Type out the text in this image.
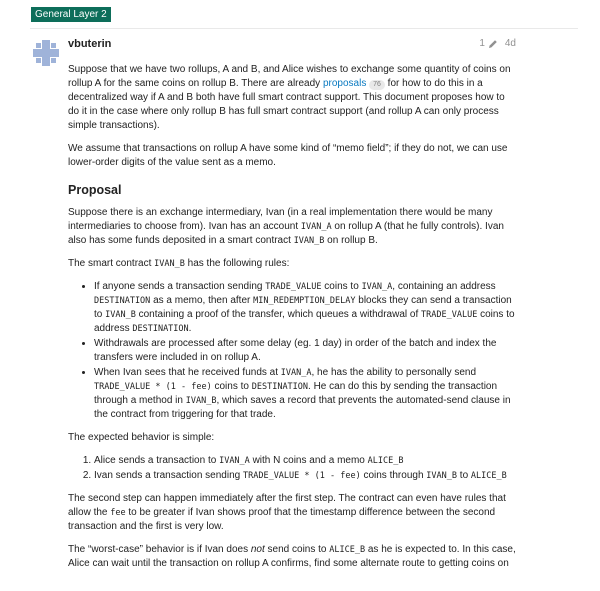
General Layer 2
vbuterin	1 4d

Suppose that we have two rollups, A and B, and Alice wishes to exchange some quantity of coins on rollup A for the same coins on rollup B. There are already proposals 76 for how to do this in a decentralized way if A and B both have full smart contract support. This document proposes how to do it in the case where only rollup B has full smart contract support (and rollup A can only process simple transactions).

We assume that transactions on rollup A have some kind of “memo field”; if they do not, we can use lower-order digits of the value sent as a memo.

Proposal

Suppose there is an exchange intermediary, Ivan (in a real implementation there would be many intermediaries to choose from). Ivan has an account IVAN_A on rollup A (that he fully controls). Ivan also has some funds deposited in a smart contract IVAN_B on rollup B.

The smart contract IVAN_B has the following rules:

• If anyone sends a transaction sending TRADE_VALUE coins to IVAN_A, containing an address DESTINATION as a memo, then after MIN_REDEMPTION_DELAY blocks they can send a transaction to IVAN_B containing a proof of the transfer, which queues a withdrawal of TRADE_VALUE coins to address DESTINATION.
• Withdrawals are processed after some delay (eg. 1 day) in order of the batch and index the transfers were included in on rollup A.
• When Ivan sees that he received funds at IVAN_A, he has the ability to personally send TRADE_VALUE * (1 - fee) coins to DESTINATION. He can do this by sending the transaction through a method in IVAN_B, which saves a record that prevents the automated-send clause in the contract from triggering for that trade.

The expected behavior is simple:

1. Alice sends a transaction to IVAN_A with N coins and a memo ALICE_B
2. Ivan sends a transaction sending TRADE_VALUE * (1 - fee) coins through IVAN_B to ALICE_B

The second step can happen immediately after the first step. The contract can even have rules that allow the fee to be greater if Ivan shows proof that the timestamp difference between the second transaction and the first is very low.

The “worst-case” behavior is if Ivan does not send coins to ALICE_B as he is expected to. In this case, Alice can wait until the transaction on rollup A confirms, find some alternate route to getting coins on
